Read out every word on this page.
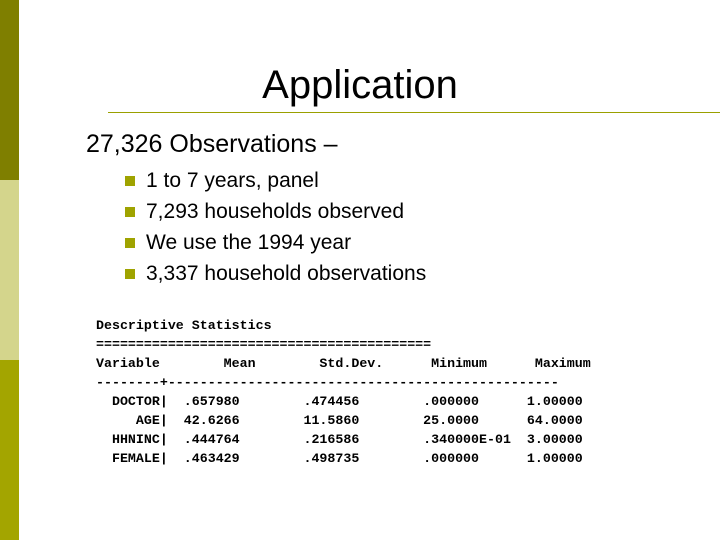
Application
27,326 Observations –
1 to 7 years, panel
7,293 households observed
We use the 1994 year
3,337 household observations
Descriptive Statistics
==========================================
Variable        Mean        Std.Dev.      Minimum      Maximum
--------+-------------------------------------------------
DOCTOR|  .657980        .474456        .000000      1.00000
AGE|  42.6266        11.5860        25.0000      64.0000
HHNINC|  .444764        .216586        .340000E-01  3.00000
FEMALE|  .463429        .498735        .000000      1.00000
